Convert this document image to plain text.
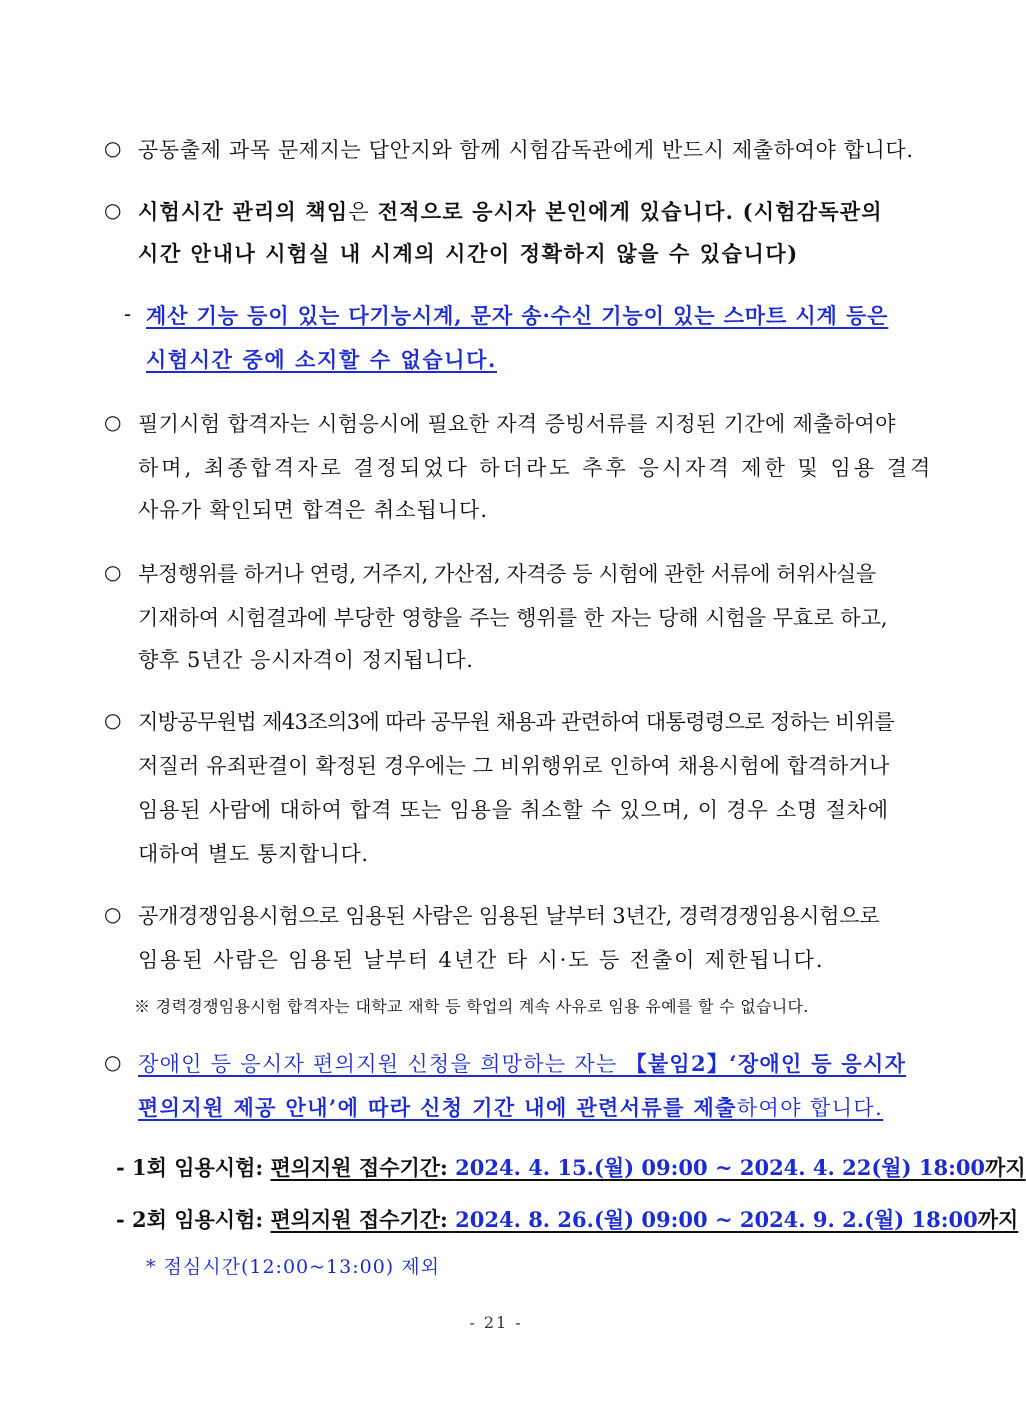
○ 공동출제 과목 문제지는 답안지와 함께 시험감독관에게 반드시 제출하여야 합니다.
○ 시험시간 관리의 책임은 전적으로 응시자 본인에게 있습니다. (시험감독관의
시간 안내나 시험실 내 시계의 시간이 정확하지 않을 수 있습니다)
- 계산 기능 등이 있는 다기능시계, 문자 송·수신 기능이 있는 스마트 시계 등은
시험시간 중에 소지할 수 없습니다.
○ 필기시험 합격자는 시험응시에 필요한 자격 증빙서류를 지정된 기간에 제출하여야
하며, 최종합격자로 결정되었다 하더라도 추후 응시자격 제한 및 임용 결격
사유가 확인되면 합격은 취소됩니다.
○ 부정행위를 하거나 연령, 거주지, 가산점, 자격증 등 시험에 관한 서류에 허위사실을
기재하여 시험결과에 부당한 영향을 주는 행위를 한 자는 당해 시험을 무효로 하고,
향후 5년간 응시자격이 정지됩니다.
○ 지방공무원법 제43조의3에 따라 공무원 채용과 관련하여 대통령령으로 정하는 비위를
저질러 유죄판결이 확정된 경우에는 그 비위행위로 인하여 채용시험에 합격하거나
임용된 사람에 대하여 합격 또는 임용을 취소할 수 있으며, 이 경우 소명 절차에
대하여 별도 통지합니다.
○ 공개경쟁임용시험으로 임용된 사람은 임용된 날부터 3년간, 경력경쟁임용시험으로
임용된 사람은 임용된 날부터 4년간 타 시·도 등 전출이 제한됩니다.
※ 경력경쟁임용시험 합격자는 대학교 재학 등 학업의 계속 사유로 임용 유예를 할 수 없습니다.
○ 장애인 등 응시자 편의지원 신청을 희망하는 자는 【붙임2】‘장애인 등 응시자
편의지원 제공 안내’에 따라 신청 기간 내에 관련서류를 제출하여야 합니다.
- 1회 임용시험: 편의지원 접수기간: 2024. 4. 15.(월) 09:00 ~ 2024. 4. 22(월) 18:00까지
- 2회 임용시험: 편의지원 접수기간: 2024. 8. 26.(월) 09:00 ~ 2024. 9. 2.(월) 18:00까지
* 점심시간(12:00~13:00) 제외
- 21 -
